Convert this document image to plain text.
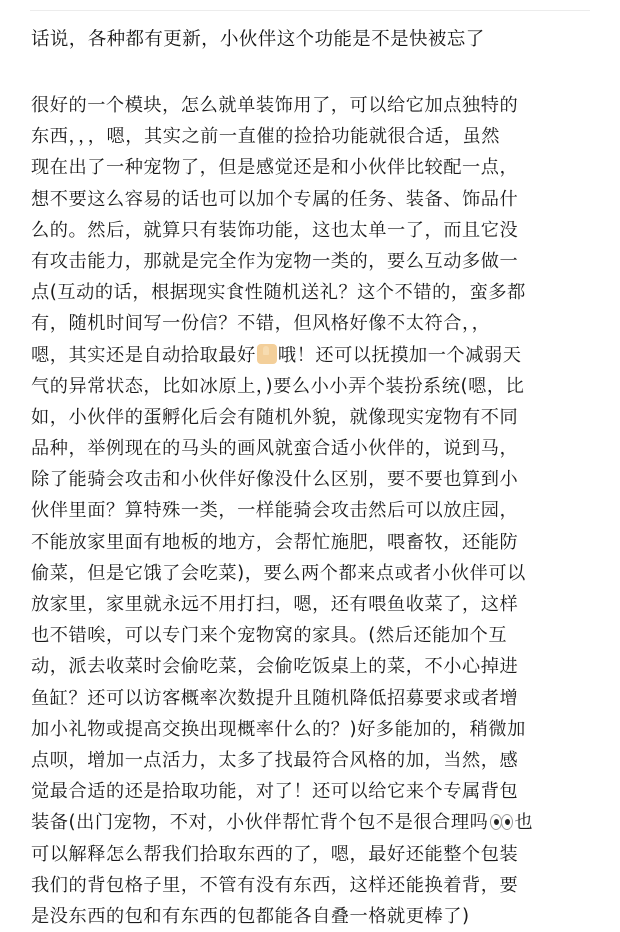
话说，各种都有更新，小伙伴这个功能是不是快被忘了
很好的一个模块，怎么就单装饰用了，可以给它加点独特的
东西，，，嗯，其实之前一直催的捡拾功能就很合适，虽然
现在出了一种宠物了，但是感觉还是和小伙伴比较配一点，
想不要这么容易的话也可以加个专属的任务、装备、饰品什
么的。然后，就算只有装饰功能，这也太单一了，而且它没
有攻击能力，那就是完全作为宠物一类的，要么互动多做一
点(互动的话，根据现实食性随机送礼？这个不错的，蛮多都
有，随机时间写一份信？不错，但风格好像不太符合，，
嗯，其实还是自动拾取最好 哦！还可以抚摸加一个减弱天
气的异常状态，比如冰原上，)要么小小弄个装扮系统(嗯，比
如，小伙伴的蛋孵化后会有随机外貌，就像现实宠物有不同
品种，举例现在的马头的画风就蛮合适小伙伴的，说到马，
除了能骑会攻击和小伙伴好像没什么区别，要不要也算到小
伙伴里面？算特殊一类，一样能骑会攻击然后可以放庄园，
不能放家里面有地板的地方，会帮忙施肥，喂畜牧，还能防
偷菜，但是它饿了会吃菜)，要么两个都来点或者小伙伴可以
放家里，家里就永远不用打扫，嗯，还有喂鱼收菜了，这样
也不错唉，可以专门来个宠物窝的家具。(然后还能加个互
动，派去收菜时会偷吃菜，会偷吃饭桌上的菜，不小心掉进
鱼缸？还可以访客概率次数提升且随机降低招募要求或者增
加小礼物或提高交换出现概率什么的？)好多能加的，稍微加
点呗，增加一点活力，太多了找最符合风格的加，当然，感
觉最合适的还是拾取功能，对了！还可以给它来个专属背包
装备(出门宠物，不对，小伙伴帮忙背个包不是很合理吗 也
可以解释怎么帮我们拾取东西的了，嗯，最好还能整个包装
我们的背包格子里，不管有没有东西，这样还能换着背，要
是没东西的包和有东西的包都能各自叠一格就更棒了)
